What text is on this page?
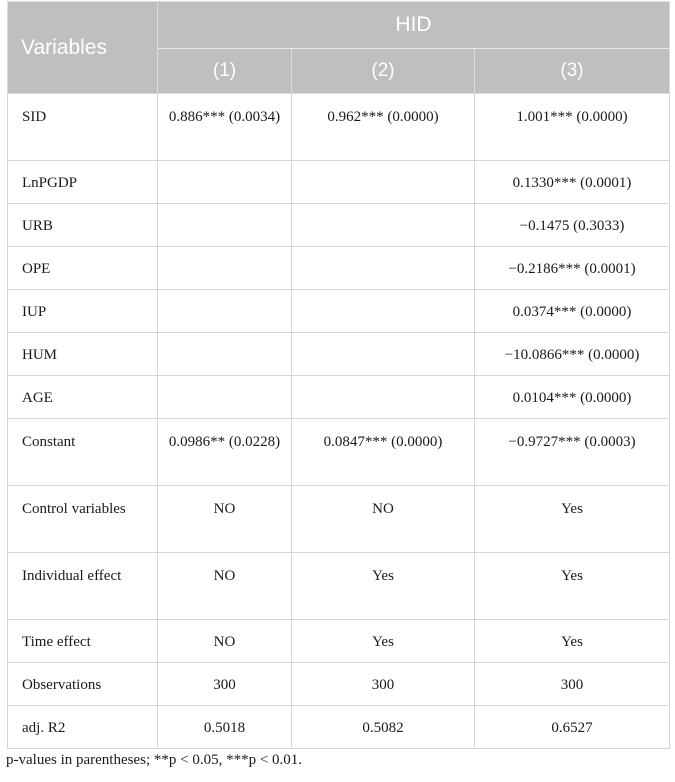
Variables	HID		
	(1)	(2)	(3)
SID	0.886*** (0.0034)	0.962*** (0.0000)	1.001*** (0.0000)
LnPGDP			0.1330*** (0.0001)
URB			−0.1475 (0.3033)
OPE			−0.2186*** (0.0001)
IUP			0.0374*** (0.0000)
HUM			−10.0866*** (0.0000)
AGE			0.0104*** (0.0000)
Constant	0.0986** (0.0228)	0.0847*** (0.0000)	−0.9727*** (0.0003)
Control variables	NO	NO	Yes
Individual effect	NO	Yes	Yes
Time effect	NO	Yes	Yes
Observations	300	300	300
adj. R2	0.5018	0.5082	0.6527
p-values in parentheses; **p < 0.05, ***p < 0.01.
